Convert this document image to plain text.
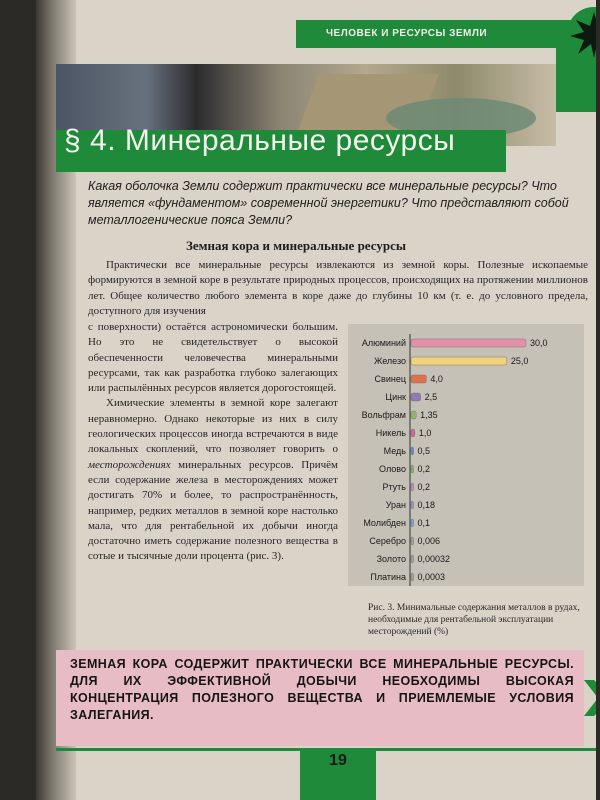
ЧЕЛОВЕК И РЕСУРСЫ ЗЕМЛИ
§ 4. Минеральные ресурсы
Какая оболочка Земли содержит практически все минеральные ресурсы? Что является «фундаментом» современной энергетики? Что представляют собой металлогенические пояса Земли?
Земная кора и минеральные ресурсы
Практически все минеральные ресурсы извлекаются из земной коры. Полезные ископаемые формируются в земной коре в результате природных процессов, происходящих на протяжении миллионов лет. Общее количество любого элемента в коре даже до глубины 10 км (т. е. до условного предела, доступного для изучения

с поверхности) остаётся астрономически большим. Но это не свидетельствует о высокой обеспеченности человечества минеральными ресурсами, так как разработка глубоко залегающих или распылённых ресурсов является дорогостоящей.

Химические элементы в земной коре залегают неравномерно. Однако некоторые из них в силу геологических процессов иногда встречаются в виде локальных скоплений, что позволяет говорить о месторождениях минеральных ресурсов. Причём если содержание железа в месторождениях может достигать 70% и более, то распространённость, например, редких металлов в земной коре настолько мала, что для рентабельной их добычи иногда достаточно иметь содержание полезного вещества в сотые и тысячные доли процента (рис. 3).

Алюминий	30,0
Железо	25,0
Свинец	4,0
Цинк 2,5
Вольфрам 1,35
Никель 1,0
Медь 0,5
Олово 0,2
Ртуть 0,2
Уран 0,18
Молибден 0,1
Серебро 0,006
Золото 0,00032
Платина 0,0003
Рис. 3. Минимальные содержания металлов в рудах, необходимые для рентабельной эксплуатации месторождений (%)
ЗЕМНАЯ КОРА СОДЕРЖИТ ПРАКТИЧЕСКИ ВСЕ МИНЕРАЛЬНЫЕ РЕСУРСЫ. ДЛЯ ИХ ЭФФЕКТИВНОЙ ДОБЫЧИ НЕОБХОДИМЫ ВЫСОКАЯ КОНЦЕНТРАЦИЯ ПОЛЕЗНОГО ВЕЩЕСТВА И ПРИЕМЛЕМЫЕ УСЛОВИЯ ЗАЛЕГАНИЯ.
19
